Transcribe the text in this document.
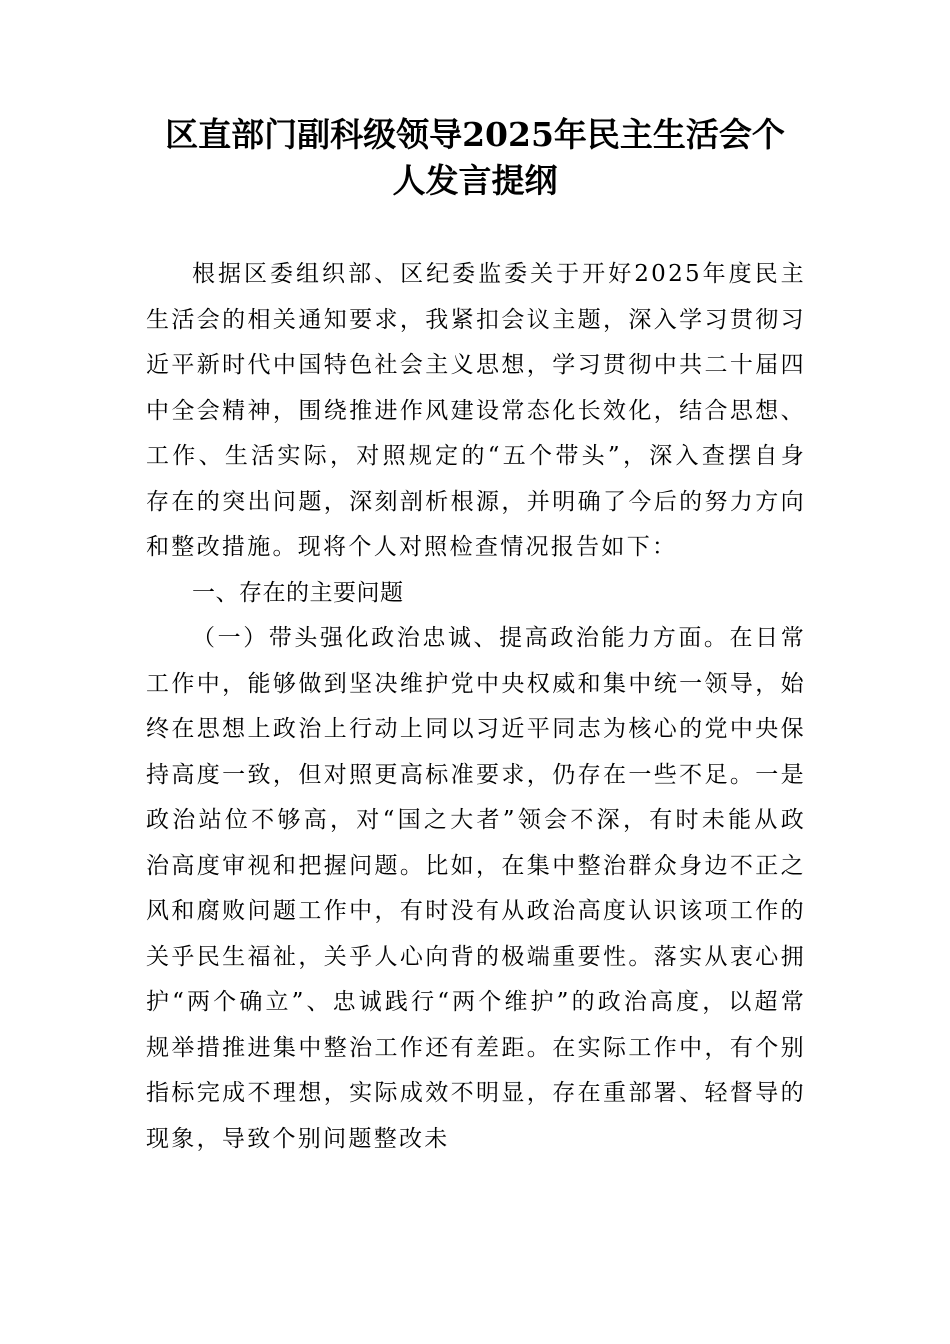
区直部门副科级领导2025年民主生活会个
人发言提纲

根据区委组织部、区纪委监委关于开好2025年度民主生活会的相关通知要求，我紧扣会议主题，深入学习贯彻习近平新时代中国特色社会主义思想，学习贯彻中共二十届四中全会精神，围绕推进作风建设常态化长效化，结合思想、工作、生活实际，对照规定的“五个带头”，深入查摆自身存在的突出问题，深刻剖析根源，并明确了今后的努力方向和整改措施。现将个人对照检查情况报告如下：

一、存在的主要问题

（一）带头强化政治忠诚、提高政治能力方面。在日常工作中，能够做到坚决维护党中央权威和集中统一领导，始终在思想上政治上行动上同以习近平同志为核心的党中央保持高度一致，但对照更高标准要求，仍存在一些不足。一是政治站位不够高，对“国之大者”领会不深，有时未能从政治高度审视和把握问题。比如，在集中整治群众身边不正之风和腐败问题工作中，有时没有从政治高度认识该项工作的关乎民生福祉，关乎人心向背的极端重要性。落实从衷心拥护“两个确立”、忠诚践行“两个维护”的政治高度，以超常规举措推进集中整治工作还有差距。在实际工作中，有个别指标完成不理想，实际成效不明显，存在重部署、轻督导的现象，导致个别问题整改未
